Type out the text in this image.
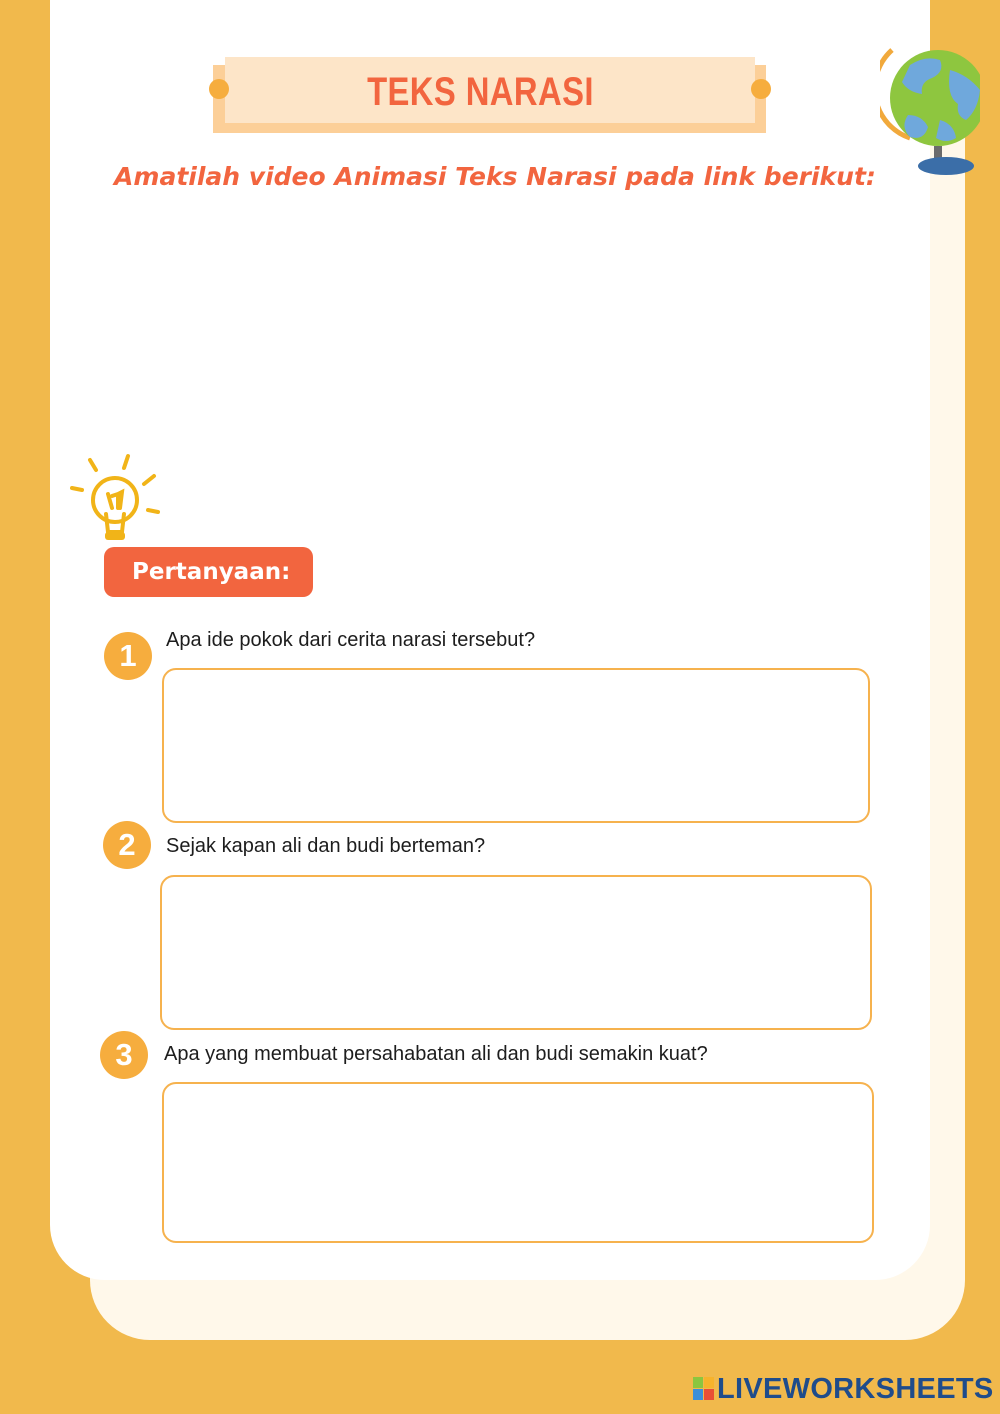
TEKS NARASI
Amatilah video Animasi Teks Narasi pada link berikut:
Pertanyaan:
1	Apa ide pokok dari cerita narasi tersebut?
2	Sejak kapan ali dan budi berteman?
3	Apa yang membuat persahabatan ali dan budi semakin kuat?
LIVEWORKSHEETS
